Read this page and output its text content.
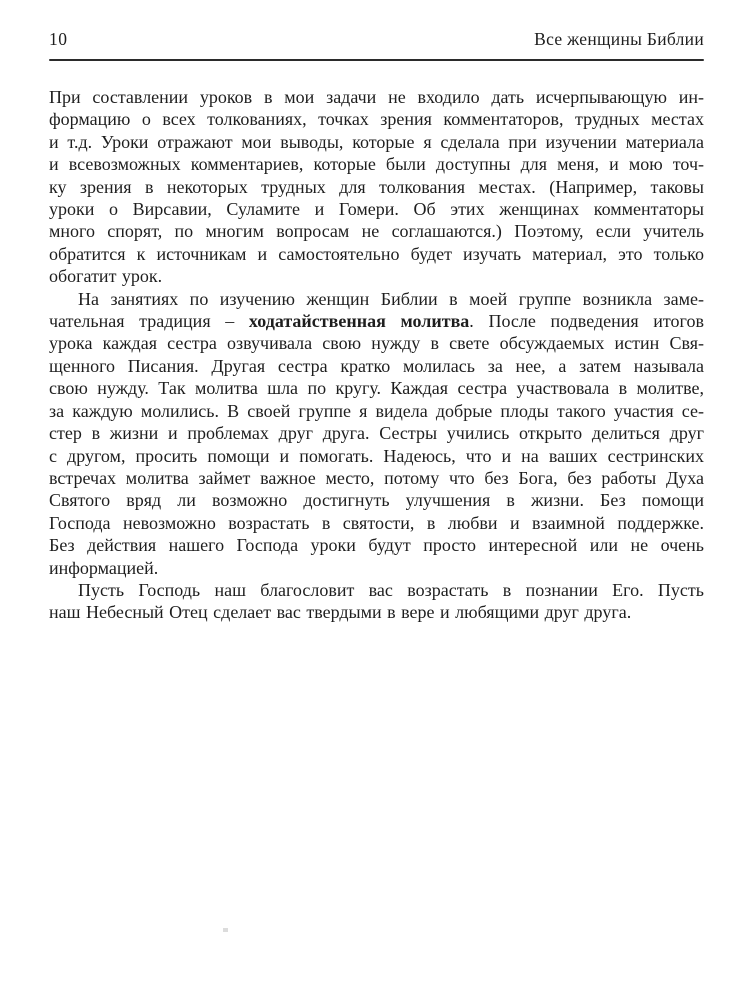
10	Все женщины Библии
При составлении уроков в мои задачи не входило дать исчерпывающую ин-
формацию о всех толкованиях, точках зрения комментаторов, трудных местах
и т.д. Уроки отражают мои выводы, которые я сделала при изучении материала
и всевозможных комментариев, которые были доступны для меня, и мою точ-
ку зрения в некоторых трудных для толкования местах. (Например, таковы
уроки о Вирсавии, Суламите и Гомери. Об этих женщинах комментаторы
много спорят, по многим вопросам не соглашаются.) Поэтому, если учитель
обратится к источникам и самостоятельно будет изучать материал, это только
обогатит урок.
На занятиях по изучению женщин Библии в моей группе возникла заме-
чательная традиция – ходатайственная молитва. После подведения итогов
урока каждая сестра озвучивала свою нужду в свете обсуждаемых истин Свя-
щенного Писания. Другая сестра кратко молилась за нее, а затем называла
свою нужду. Так молитва шла по кругу. Каждая сестра участвовала в молитве,
за каждую молились. В своей группе я видела добрые плоды такого участия се-
стер в жизни и проблемах друг друга. Сестры учились открыто делиться друг
с другом, просить помощи и помогать. Надеюсь, что и на ваших сестринских
встречах молитва займет важное место, потому что без Бога, без работы Духа
Святого вряд ли возможно достигнуть улучшения в жизни. Без помощи
Господа невозможно возрастать в святости, в любви и взаимной поддержке.
Без действия нашего Господа уроки будут просто интересной или не очень
информацией.
Пусть Господь наш благословит вас возрастать в познании Его. Пусть
наш Небесный Отец сделает вас твердыми в вере и любящими друг друга.
